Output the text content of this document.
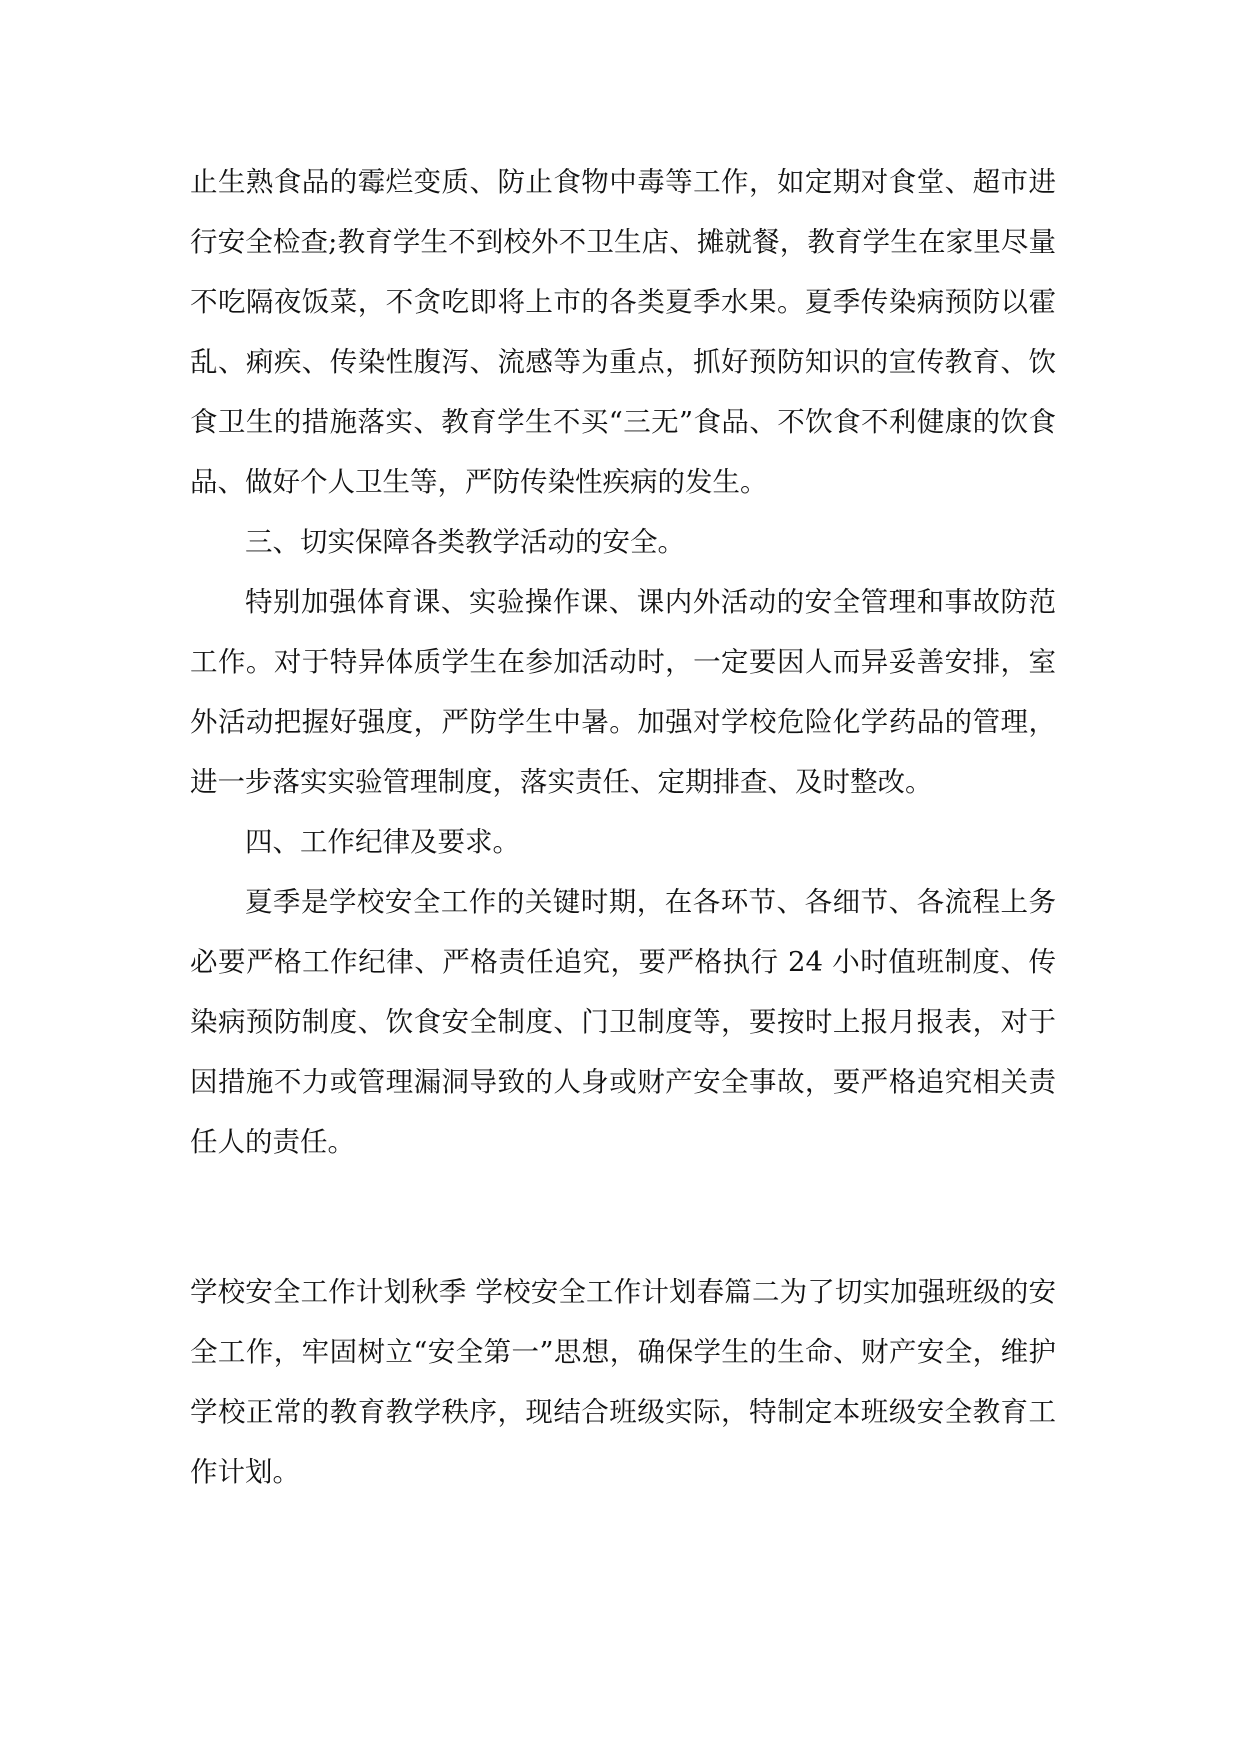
止生熟食品的霉烂变质、防止食物中毒等工作，如定期对食堂、超市进行安全检查;教育学生不到校外不卫生店、摊就餐，教育学生在家里尽量不吃隔夜饭菜，不贪吃即将上市的各类夏季水果。夏季传染病预防以霍乱、痢疾、传染性腹泻、流感等为重点，抓好预防知识的宣传教育、饮食卫生的措施落实、教育学生不买“三无”食品、不饮食不利健康的饮食品、做好个人卫生等，严防传染性疾病的发生。

三、切实保障各类教学活动的安全。

特别加强体育课、实验操作课、课内外活动的安全管理和事故防范工作。对于特异体质学生在参加活动时，一定要因人而异妥善安排，室外活动把握好强度，严防学生中暑。加强对学校危险化学药品的管理，进一步落实实验管理制度，落实责任、定期排查、及时整改。

四、工作纪律及要求。

夏季是学校安全工作的关键时期，在各环节、各细节、各流程上务必要严格工作纪律、严格责任追究，要严格执行 24 小时值班制度、传染病预防制度、饮食安全制度、门卫制度等，要按时上报月报表，对于因措施不力或管理漏洞导致的人身或财产安全事故，要严格追究相关责任人的责任。

学校安全工作计划秋季 学校安全工作计划春篇二为了切实加强班级的安全工作，牢固树立“安全第一”思想，确保学生的生命、财产安全，维护学校正常的教育教学秩序，现结合班级实际，特制定本班级安全教育工作计划。
